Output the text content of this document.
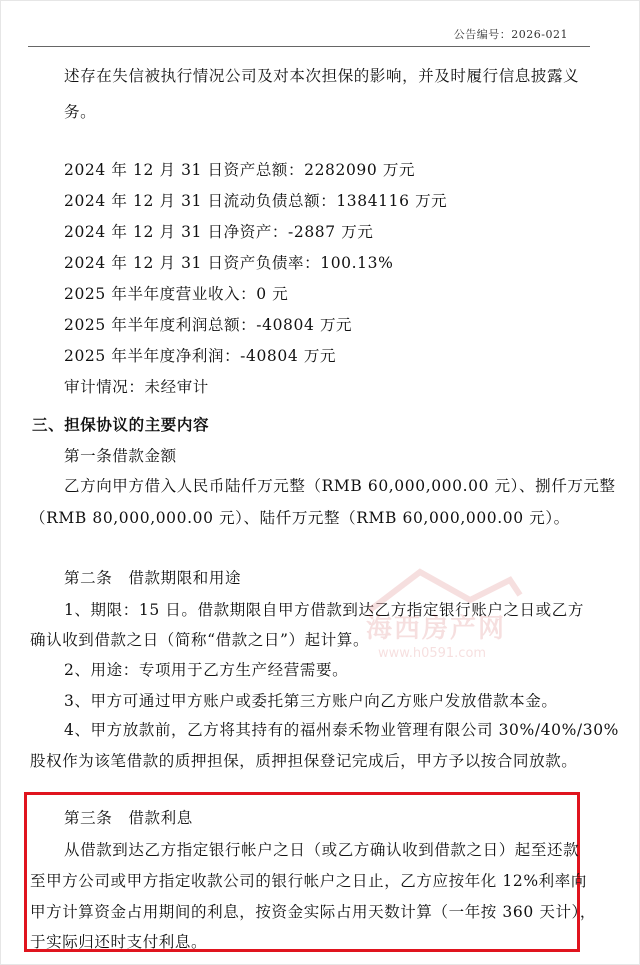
公告编号：2026-021
述存在失信被执行情况公司及对本次担保的影响，并及时履行信息披露义
务。
2024 年 12 月 31 日资产总额：2282090 万元
2024 年 12 月 31 日流动负债总额：1384116 万元
2024 年 12 月 31 日净资产：-2887 万元
2024 年 12 月 31 日资产负债率：100.13%
2025 年半年度营业收入：0 元
2025 年半年度利润总额：-40804 万元
2025 年半年度净利润：-40804 万元
审计情况：未经审计
三、担保协议的主要内容
第一条借款金额
乙方向甲方借入人民币陆仟万元整（RMB 60,000,000.00 元）、捌仟万元整
（RMB 80,000,000.00 元）、陆仟万元整（RMB 60,000,000.00 元）。
第二条　借款期限和用途
1、期限：15 日。借款期限自甲方借款到达乙方指定银行账户之日或乙方
确认收到借款之日（简称“借款之日”）起计算。
2、用途：专项用于乙方生产经营需要。
3、甲方可通过甲方账户或委托第三方账户向乙方账户发放借款本金。
4、甲方放款前，乙方将其持有的福州泰禾物业管理有限公司 30%/40%/30%
股权作为该笔借款的质押担保，质押担保登记完成后，甲方予以按合同放款。
海西房产网
www.h0591.com
第三条　借款利息
从借款到达乙方指定银行帐户之日（或乙方确认收到借款之日）起至还款
至甲方公司或甲方指定收款公司的银行帐户之日止，乙方应按年化 12%利率向
甲方计算资金占用期间的利息，按资金实际占用天数计算（一年按 360 天计），
于实际归还时支付利息。
